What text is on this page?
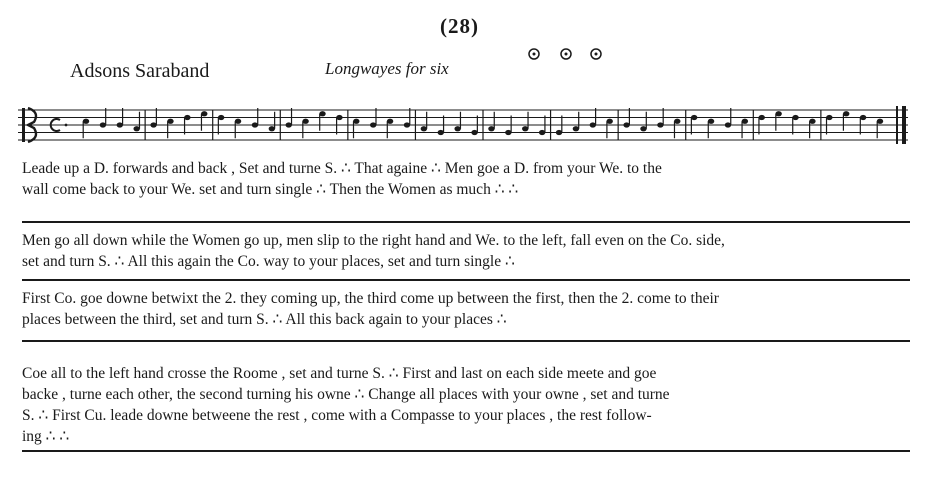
(28)
Adsons Saraband	Longwayes for six
Leade up a D. forwards and back , Set and turne S. ∴ That againe ∴ Men goe a D. from your We. to the
wall come back to your We. set and turn single ∴ Then the Women as much ∴ ∴
Men go all down while the Women go up, men slip to the right hand and We. to the left, fall even on the Co. side,
set and turn S. ∴ All this again the Co. way to your places, set and turn single ∴
First Co. goe downe betwixt the 2. they coming up, the third come up between the first, then the 2. come to their
places between the third, set and turn S. ∴ All this back again to your places ∴
Coe all to the left hand crosse the Roome , set and turne S. ∴ First and last on each side meete and goe
backe , turne each other, the second turning his owne ∴ Change all places with your owne , set and turne
S. ∴ First Cu. leade downe betweene the rest , come with a Compasse to your places , the rest follow-
ing ∴ ∴
